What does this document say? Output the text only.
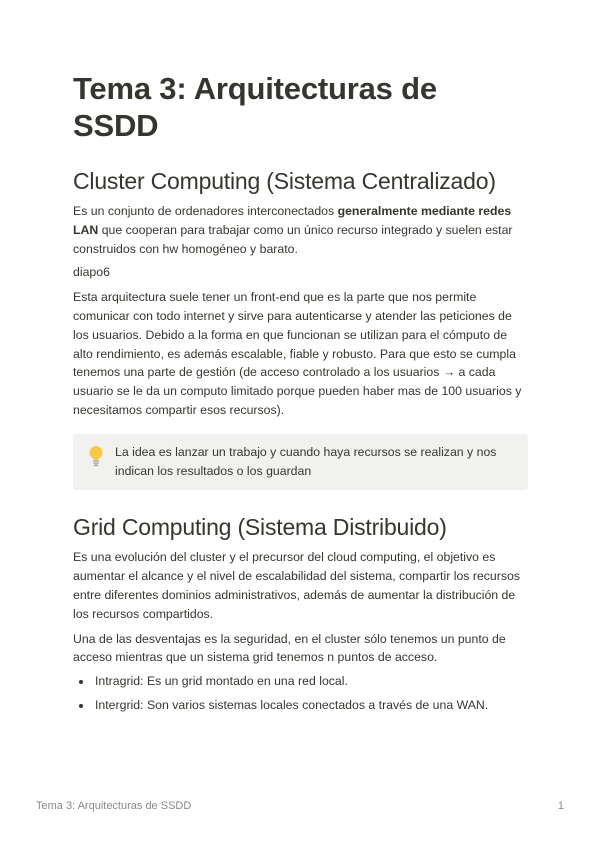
Tema 3: Arquitecturas de SSDD
Cluster Computing (Sistema Centralizado)

Es un conjunto de ordenadores interconectados generalmente mediante redes LAN que cooperan para trabajar como un único recurso integrado y suelen estar construidos con hw homogéneo y barato.

diapo6

Esta arquitectura suele tener un front-end que es la parte que nos permite comunicar con todo internet y sirve para autenticarse y atender las peticiones de los usuarios. Debido a la forma en que funcionan se utilizan para el cómputo de alto rendimiento, es además escalable, fiable y robusto. Para que esto se cumpla tenemos una parte de gestión (de acceso controlado a los usuarios → a cada usuario se le da un computo limitado porque pueden haber mas de 100 usuarios y necesitamos compartir esos recursos).

La idea es lanzar un trabajo y cuando haya recursos se realizan y nos indican los resultados o los guardan

Grid Computing (Sistema Distribuido)

Es una evolución del cluster y el precursor del cloud computing, el objetivo es aumentar el alcance y el nivel de escalabilidad del sistema, compartir los recursos entre diferentes dominios administrativos, además de aumentar la distribución de los recursos compartidos.

Una de las desventajas es la seguridad, en el cluster sólo tenemos un punto de acceso mientras que un sistema grid tenemos n puntos de acceso.

• Intragrid: Es un grid montado en una red local.
• Intergrid: Son varios sistemas locales conectados a través de una WAN.
Tema 3: Arquitecturas de SSDD	1
